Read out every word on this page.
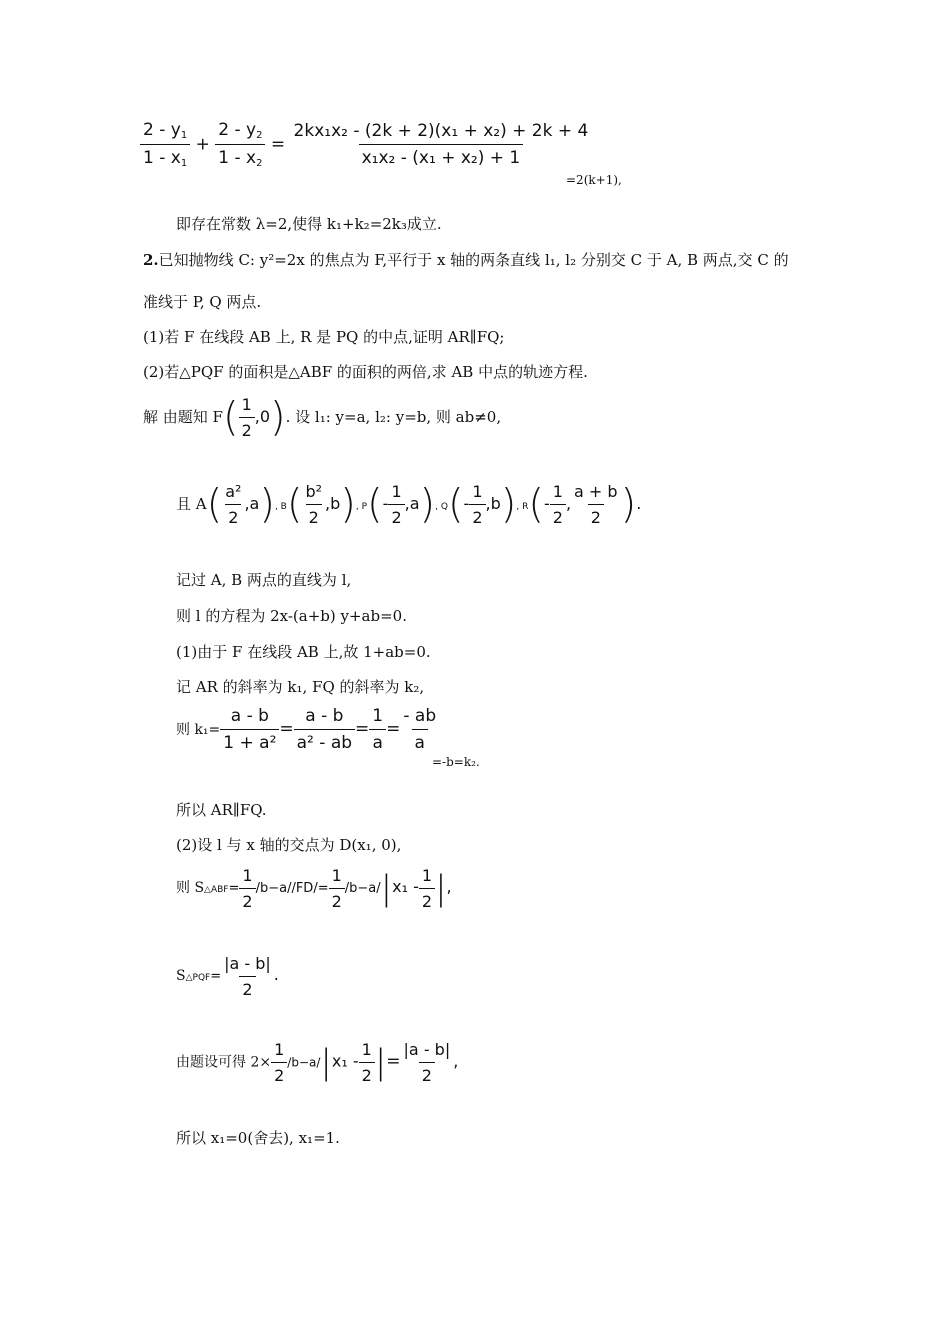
$\frac{2 - y_1}{1 - x_1} + \frac{2 - y_2}{1 - x_2} = \frac{\text{2kx₁x₂ - (2k + 2)(x₁ + x₂) + 2k + 4}}{\text{x₁x₂ - (x₁ + x₂) + 1}}$
=2(k+1),
即存在常数 λ=2,使得 k₁+k₂=2k₃成立.
2.已知抛物线 C: y²=2x 的焦点为 F,平行于 x 轴的两条直线 l₁, l₂ 分别交 C 于 A, B 两点,交 C 的
准线于 P, Q 两点.
(1)若 F 在线段 AB 上, R 是 PQ 的中点,证明 AR∥FQ;
(2)若△PQF 的面积是△ABF 的面积的两倍,求 AB 中点的轨迹方程.
解 由题知 $F( \frac{1}{2} ,0)$. 设 l₁: y=a, l₂: y=b, 则 ab≠0,
且 $A( \frac{\text{a²}}{2} ,a)$, $B( \frac{\text{b²}}{2} ,b)$, $P(- \frac{1}{2} ,a)$, $Q(- \frac{1}{2} ,b)$, $R(- \frac{1}{2}$ , $\frac{a + b}{2}$ ).
记过 A, B 两点的直线为 l,
则 l 的方程为 2x-(a+b) y+ab=0.
(1)由于 F 在线段 AB 上,故 1+ab=0.
记 AR 的斜率为 k₁, FQ 的斜率为 k₂,
则 $k_1= \frac{a - b}{\text{1 + a²}} = \frac{a - b}{\text{a² - ab}} = \frac{1}{a} = \frac{- ab}{a}$
=-b=k₂.
所以 AR∥FQ.
(2)设 l 与 x 轴的交点为 D(x₁, 0),
则 S△ABF= $\frac{1}{2} /b-a//FD/= \frac{1}{2} /b-a/|x_1 - \frac{1}{2}$ |,
S△PQF= $\frac{|a - b|}{2}$ .
由题设可得 $2\times \frac{1}{2} /b-a/|x_1 - \frac{1}{2}$ |= $\frac{|a - b|}{2}$ ,
所以 x₁=0(舍去), x₁=1.
